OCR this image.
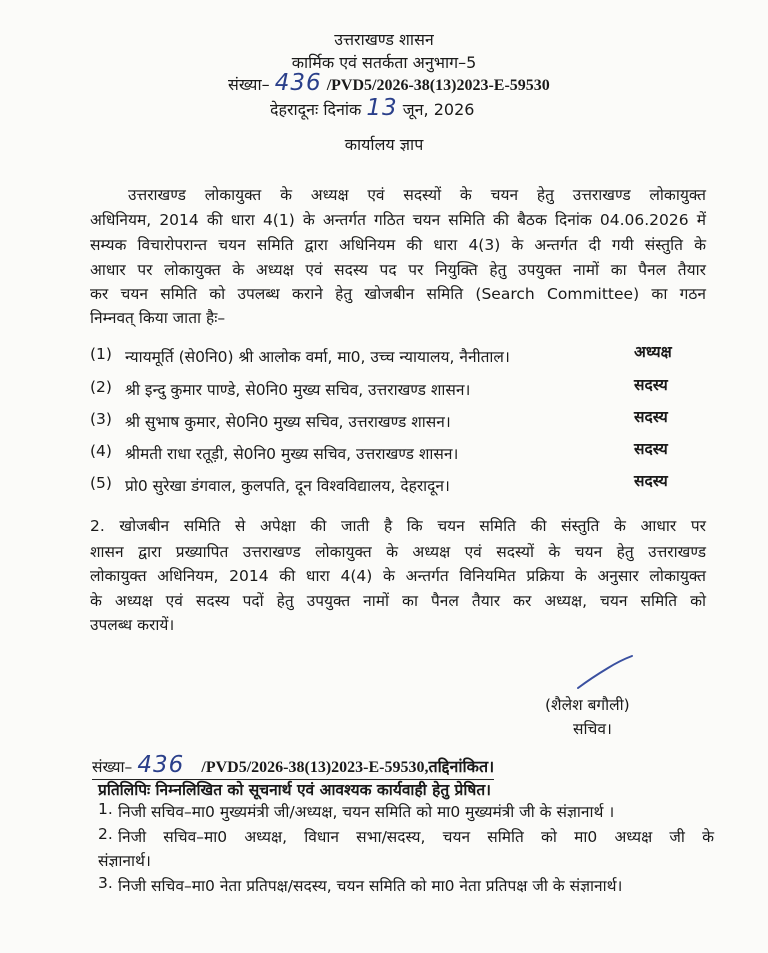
उत्तराखण्ड शासन
कार्मिक एवं सतर्कता अनुभाग–5
संख्या– 436 /PVD5/2026-38(13)2023-E-59530
देहरादूनः दिनांक 13 जून, 2026
कार्यालय ज्ञाप
उत्तराखण्ड लोकायुक्त के अध्यक्ष एवं सदस्यों के चयन हेतु उत्तराखण्ड लोकायुक्त
अधिनियम, 2014 की धारा 4(1) के अन्तर्गत गठित चयन समिति की बैठक दिनांक 04.06.2026 में
सम्यक विचारोपरान्त चयन समिति द्वारा अधिनियम की धारा 4(3) के अन्तर्गत दी गयी संस्तुति के
आधार पर लोकायुक्त के अध्यक्ष एवं सदस्य पद पर नियुक्ति हेतु उपयुक्त नामों का पैनल तैयार
कर चयन समिति को उपलब्ध कराने हेतु खोजबीन समिति (Search Committee) का गठन
निम्नवत् किया जाता हैः–
(1) न्यायमूर्ति (से0नि0) श्री आलोक वर्मा, मा0, उच्च न्यायालय, नैनीताल।	अध्यक्ष
(2) श्री इन्दु कुमार पाण्डे, से0नि0 मुख्य सचिव, उत्तराखण्ड शासन।	सदस्य
(3) श्री सुभाष कुमार, से0नि0 मुख्य सचिव, उत्तराखण्ड शासन।	सदस्य
(4) श्रीमती राधा रतूड़ी, से0नि0 मुख्य सचिव, उत्तराखण्ड शासन।	सदस्य
(5) प्रो0 सुरेखा डंगवाल, कुलपति, दून विश्वविद्यालय, देहरादून।	सदस्य
2. खोजबीन समिति से अपेक्षा की जाती है कि चयन समिति की संस्तुति के आधार पर
शासन द्वारा प्रख्यापित उत्तराखण्ड लोकायुक्त के अध्यक्ष एवं सदस्यों के चयन हेतु उत्तराखण्ड
लोकायुक्त अधिनियम, 2014 की धारा 4(4) के अन्तर्गत विनियमित प्रक्रिया के अनुसार लोकायुक्त
के अध्यक्ष एवं सदस्य पदों हेतु उपयुक्त नामों का पैनल तैयार कर अध्यक्ष, चयन समिति को
उपलब्ध करायें।
(शैलेश बगौली)
सचिव।
संख्या– 436 /PVD5/2026-38(13)2023-E-59530,तद्दिनांकित।
प्रतिलिपिः निम्नलिखित को सूचनार्थ एवं आवश्यक कार्यवाही हेतु प्रेषित।
1. निजी सचिव–मा0 मुख्यमंत्री जी/अध्यक्ष, चयन समिति को मा0 मुख्यमंत्री जी के संज्ञानार्थ ।
2. निजी सचिव–मा0 अध्यक्ष, विधान सभा/सदस्य, चयन समिति को मा0 अध्यक्ष जी के
संज्ञानार्थ।
3. निजी सचिव–मा0 नेता प्रतिपक्ष/सदस्य, चयन समिति को मा0 नेता प्रतिपक्ष जी के संज्ञानार्थ।
